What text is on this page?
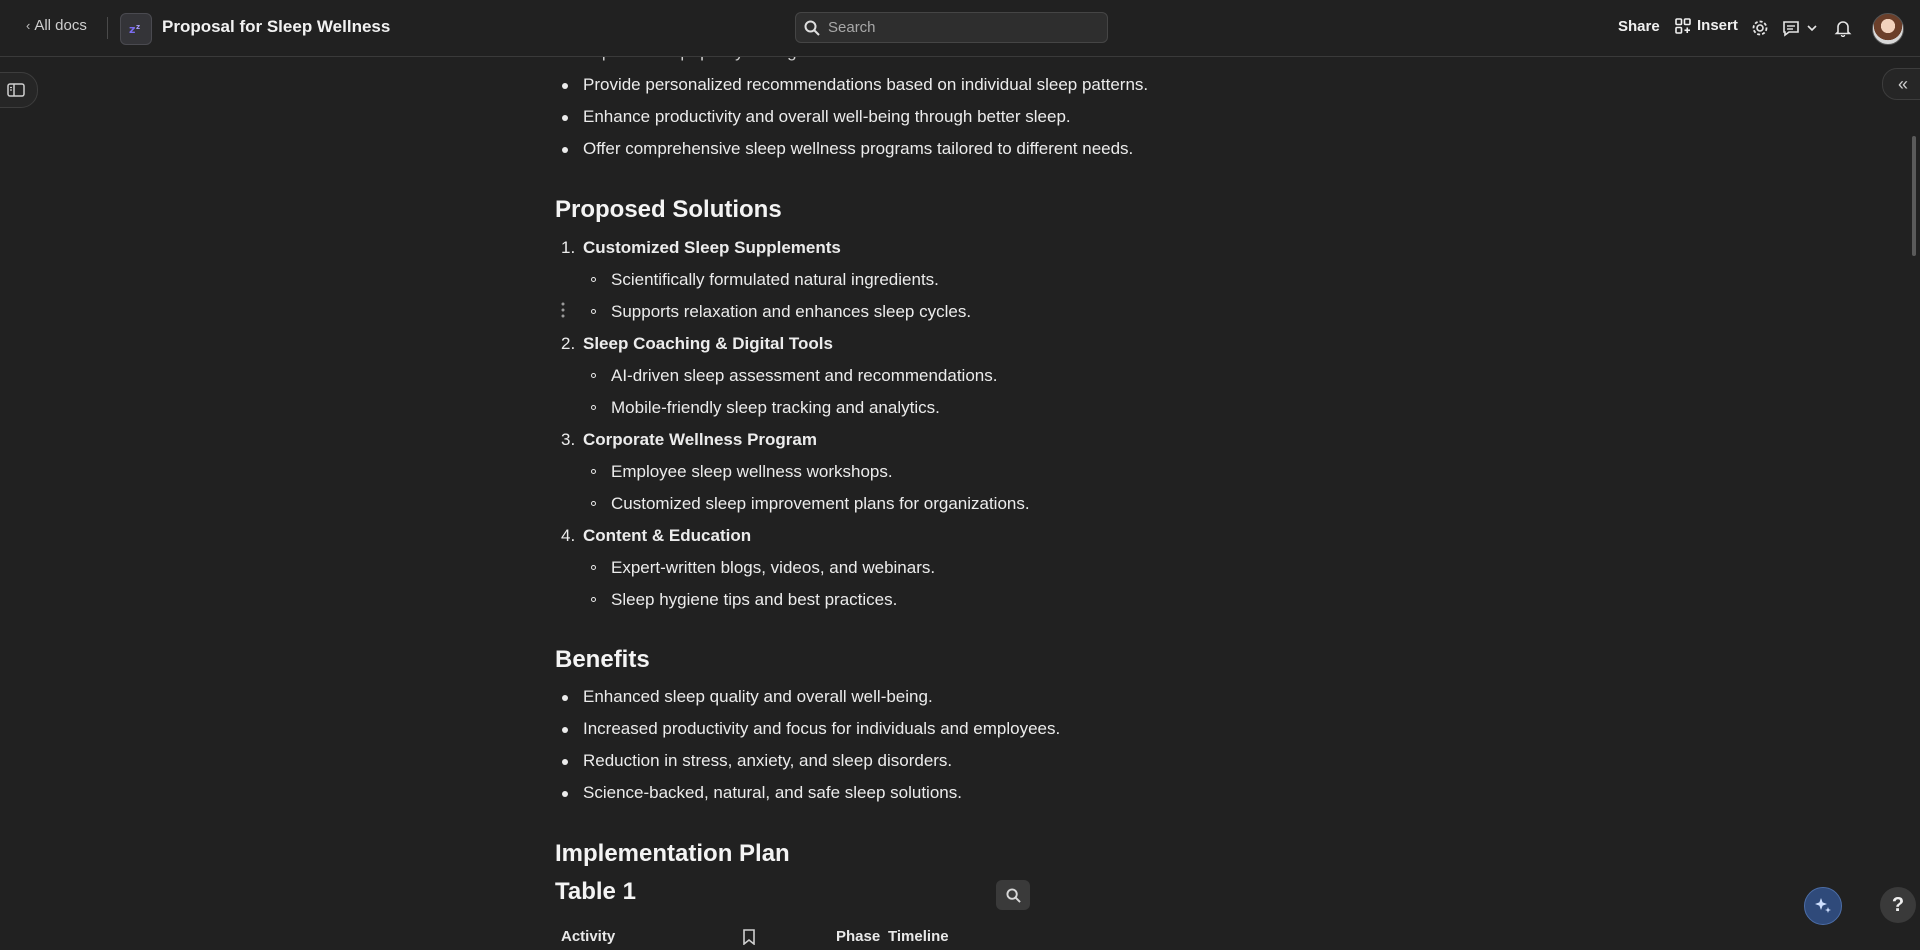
‹ All docs	z z Proposal for Sleep Wellness
Search	Share Insert
«
Provide personalized recommendations based on individual sleep patterns.
Enhance productivity and overall well-being through better sleep.
Offer comprehensive sleep wellness programs tailored to different needs.
Proposed Solutions
1. Customized Sleep Supplements
Scientifically formulated natural ingredients.
Supports relaxation and enhances sleep cycles.
2. Sleep Coaching & Digital Tools
AI-driven sleep assessment and recommendations.
Mobile-friendly sleep tracking and analytics.
3. Corporate Wellness Program
Employee sleep wellness workshops.
Customized sleep improvement plans for organizations.
4. Content & Education
Expert-written blogs, videos, and webinars.
Sleep hygiene tips and best practices.
Benefits
Enhanced sleep quality and overall well-being.
Increased productivity and focus for individuals and employees.
Reduction in stress, anxiety, and sleep disorders.
Science-backed, natural, and safe sleep solutions.
Implementation Plan
Table 1
Activity	Phase Timeline
?
